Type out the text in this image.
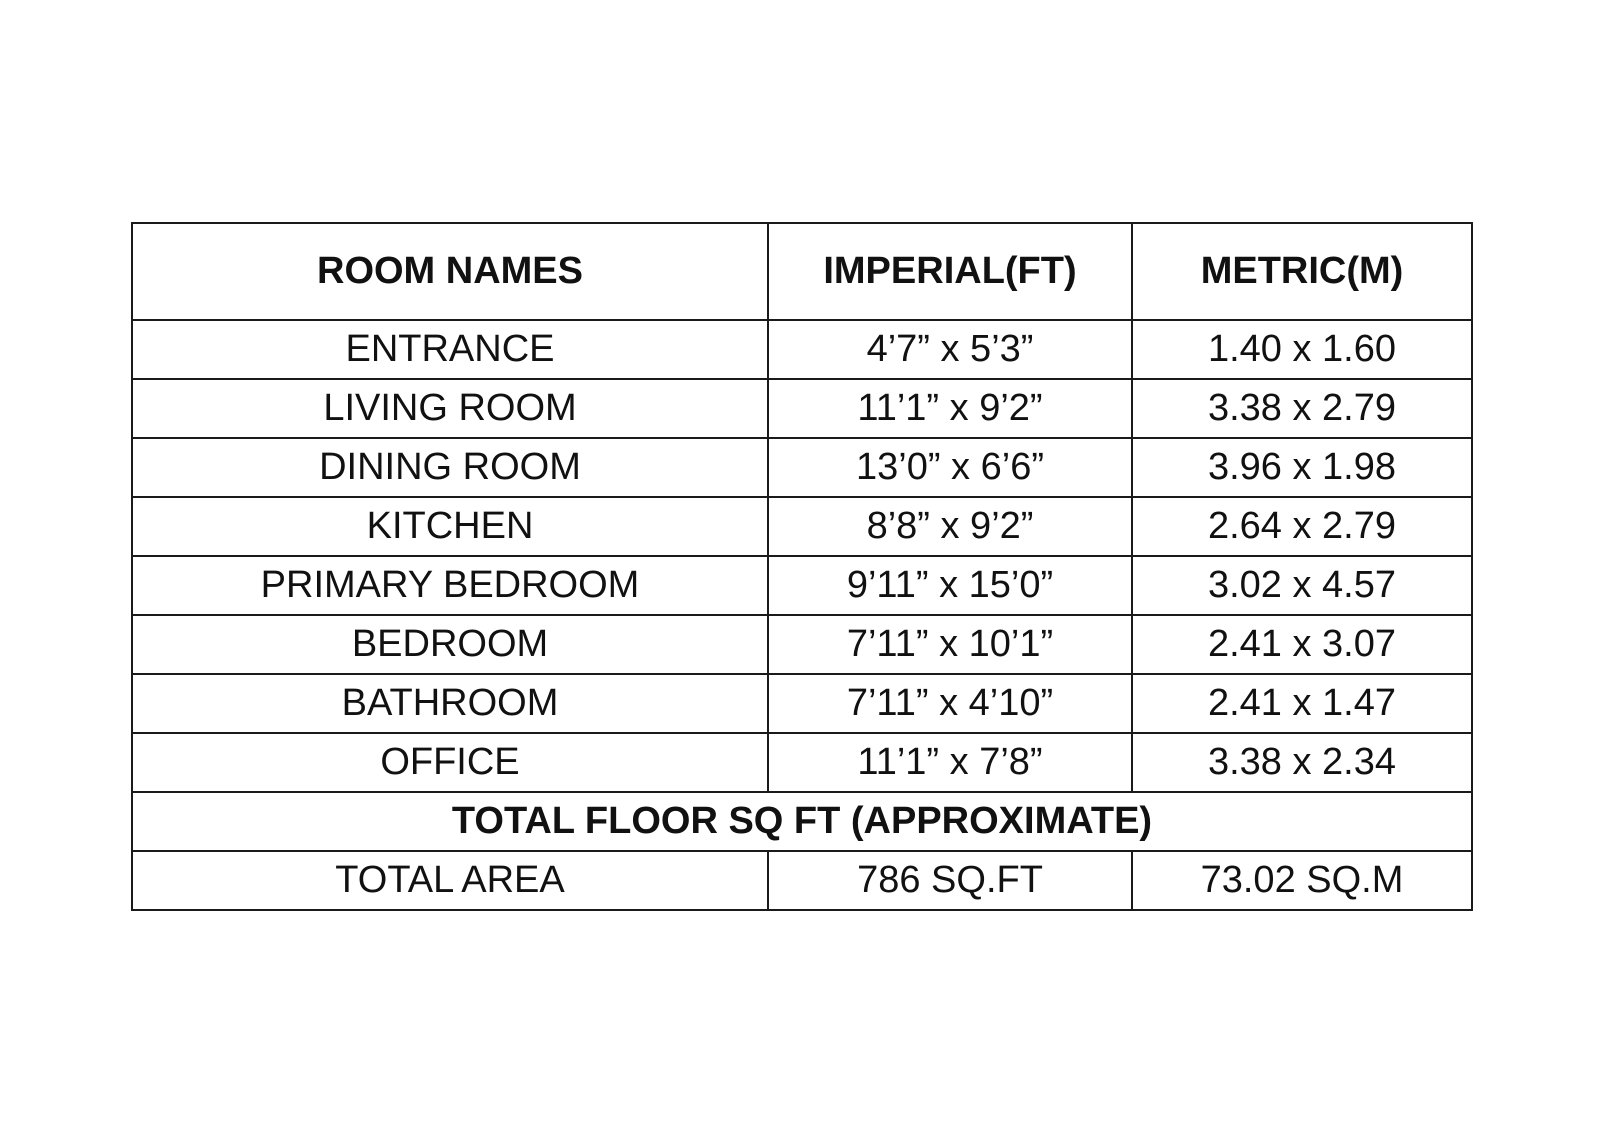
ROOM NAMES	IMPERIAL(FT)	METRIC(M)
ENTRANCE	4’7” x 5’3”	1.40 x 1.60
LIVING ROOM	11’1” x 9’2”	3.38 x 2.79
DINING ROOM	13’0” x 6’6”	3.96 x 1.98
KITCHEN	8’8” x 9’2”	2.64 x 2.79
PRIMARY BEDROOM	9’11” x 15’0”	3.02 x 4.57
BEDROOM	7’11” x 10’1”	2.41 x 3.07
BATHROOM	7’11” x 4’10”	2.41 x 1.47
OFFICE	11’1” x 7’8”	3.38 x 2.34
TOTAL FLOOR SQ FT (APPROXIMATE)		
TOTAL AREA	786 SQ.FT	73.02 SQ.M
